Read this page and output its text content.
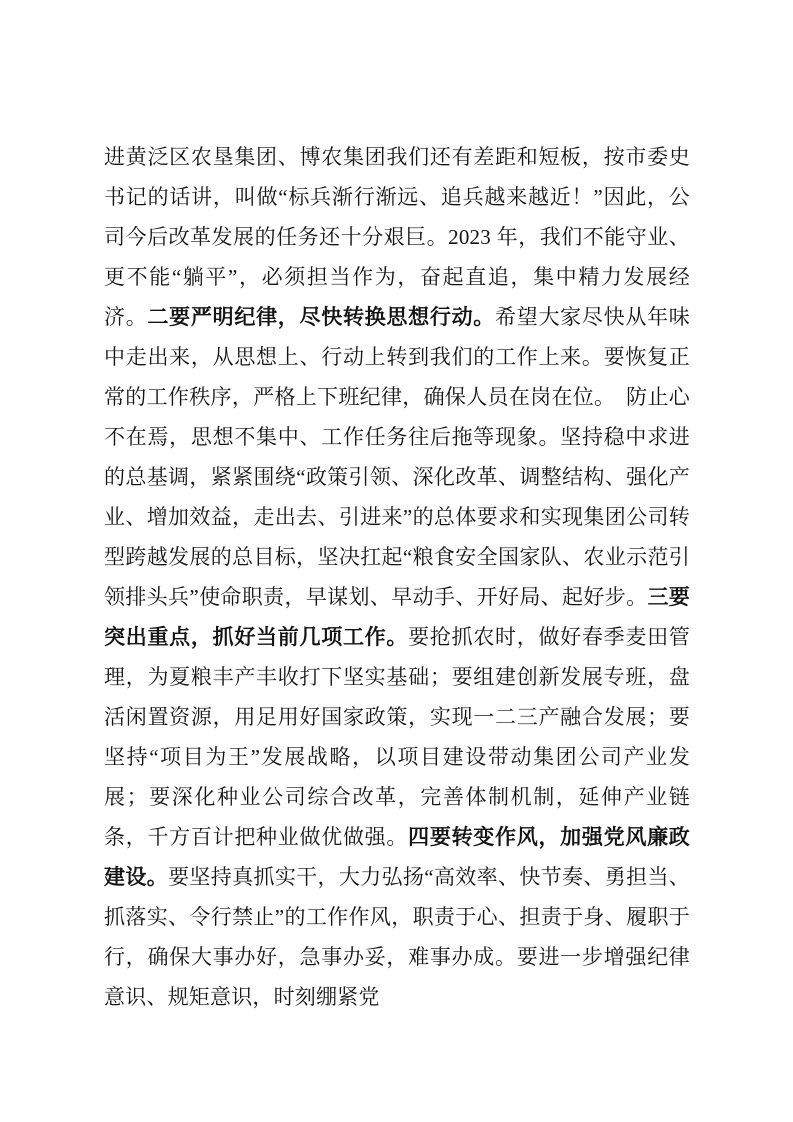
进黄泛区农垦集团、博农集团我们还有差距和短板，按市委史书记的话讲，叫做“标兵渐行渐远、追兵越来越近！”因此，公司今后改革发展的任务还十分艰巨。2023 年，我们不能守业、更不能“躺平”，必须担当作为，奋起直追，集中精力发展经济。二要严明纪律，尽快转换思想行动。希望大家尽快从年味中走出来，从思想上、行动上转到我们的工作上来。要恢复正常的工作秩序，严格上下班纪律，确保人员在岗在位。　防止心不在焉，思想不集中、工作任务往后拖等现象。坚持稳中求进的总基调，紧紧围绕“政策引领、深化改革、调整结构、强化产业、增加效益，走出去、引进来”的总体要求和实现集团公司转型跨越发展的总目标，坚决扛起“粮食安全国家队、农业示范引领排头兵”使命职责，早谋划、早动手、开好局、起好步。三要突出重点，抓好当前几项工作。要抢抓农时，做好春季麦田管理，为夏粮丰产丰收打下坚实基础；要组建创新发展专班，盘活闲置资源，用足用好国家政策，实现一二三产融合发展；要坚持“项目为王”发展战略，以项目建设带动集团公司产业发展；要深化种业公司综合改革，完善体制机制，延伸产业链条，千方百计把种业做优做强。四要转变作风，加强党风廉政建设。要坚持真抓实干，大力弘扬“高效率、快节奏、勇担当、抓落实、令行禁止”的工作作风，职责于心、担责于身、履职于行，确保大事办好，急事办妥，难事办成。要进一步增强纪律意识、规矩意识，时刻绷紧党
